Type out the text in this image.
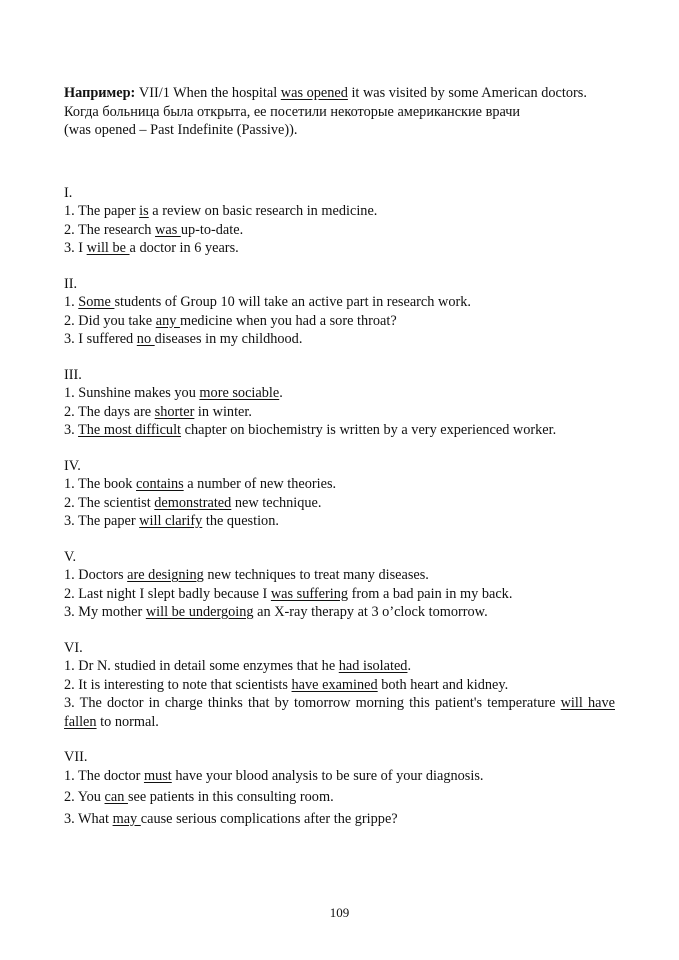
Например: VII/1 When the hospital was opened it was visited by some American doctors.

Когда больница была открыта, ее посетили некоторые американские врачи

(was opened – Past Indefinite (Passive)).

I.

1. The paper is a review on basic research in medicine.

2. The research was up-to-date.

3. I will be a doctor in 6 years.

II.

1. Some students of Group 10 will take an active part in research work.

2. Did you take any medicine when you had a sore throat?

3. I suffered no diseases in my childhood.

III.

1. Sunshine makes you more sociable.

2. The days are shorter in winter.

3. The most difficult chapter on biochemistry is written by a very experienced worker.

IV.

1. The book contains a number of new theories.

2. The scientist demonstrated new technique.

3. The paper will clarify the question.

V.

1. Doctors are designing new techniques to treat many diseases.

2. Last night I slept badly because I was suffering from a bad pain in my back.

3. My mother will be undergoing an X-ray therapy at 3 o’clock tomorrow.

VI.

1. Dr N. studied in detail some enzymes that he had isolated.

2. It is interesting to note that scientists have examined both heart and kidney.

3. The doctor in charge thinks that by tomorrow morning this patient's temperature will have fallen to normal.

VII.

1. The doctor must have your blood analysis to be sure of your diagnosis.

2. You can see patients in this consulting room.

3. What may cause serious complications after the grippe?

109
